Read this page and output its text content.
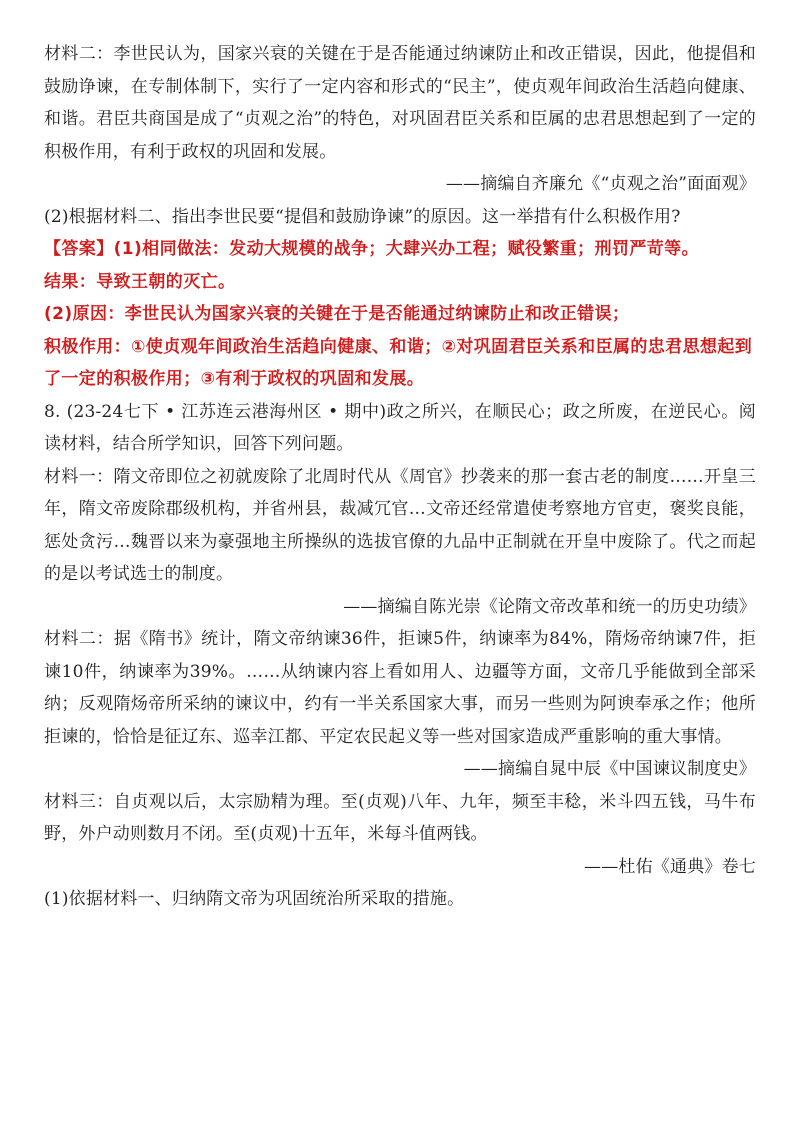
材料二：李世民认为，国家兴衰的关键在于是否能通过纳谏防止和改正错误，因此，他提倡和鼓励诤谏，在专制体制下，实行了一定内容和形式的“民主”，使贞观年间政治生活趋向健康、和谐。君臣共商国是成了“贞观之治”的特色，对巩固君臣关系和臣属的忠君思想起到了一定的积极作用，有利于政权的巩固和发展。

——摘编自齐廉允《“贞观之治”面面观》

(2)根据材料二、指出李世民要“提倡和鼓励诤谏”的原因。这一举措有什么积极作用?

【答案】(1)相同做法：发动大规模的战争；大肆兴办工程；赋役繁重；刑罚严苛等。

结果：导致王朝的灭亡。

(2)原因：李世民认为国家兴衰的关键在于是否能通过纳谏防止和改正错误；

积极作用：①使贞观年间政治生活趋向健康、和谐；②对巩固君臣关系和臣属的忠君思想起到了一定的积极作用；③有利于政权的巩固和发展。

8. (23-24七下 • 江苏连云港海州区 • 期中)政之所兴，在顺民心；政之所废，在逆民心。阅读材料，结合所学知识，回答下列问题。

材料一：隋文帝即位之初就废除了北周时代从《周官》抄袭来的那一套古老的制度……开皇三年，隋文帝废除郡级机构，并省州县，裁减冗官…文帝还经常遣使考察地方官吏，褒奖良能，惩处贪污…魏晋以来为豪强地主所操纵的选拔官僚的九品中正制就在开皇中废除了。代之而起的是以考试选士的制度。

——摘编自陈光崇《论隋文帝改革和统一的历史功绩》

材料二：据《隋书》统计，隋文帝纳谏36件，拒谏5件，纳谏率为84%，隋炀帝纳谏7件，拒谏10件，纳谏率为39%。……从纳谏内容上看如用人、边疆等方面，文帝几乎能做到全部采纳；反观隋炀帝所采纳的谏议中，约有一半关系国家大事，而另一些则为阿谀奉承之作；他所拒谏的，恰恰是征辽东、巡幸江都、平定农民起义等一些对国家造成严重影响的重大事情。

——摘编自晁中辰《中国谏议制度史》

材料三：自贞观以后，太宗励精为理。至(贞观)八年、九年，频至丰稔，米斗四五钱，马牛布野，外户动则数月不闭。至(贞观)十五年，米每斗值两钱。

——杜佑《通典》卷七

(1)依据材料一、归纳隋文帝为巩固统治所采取的措施。
